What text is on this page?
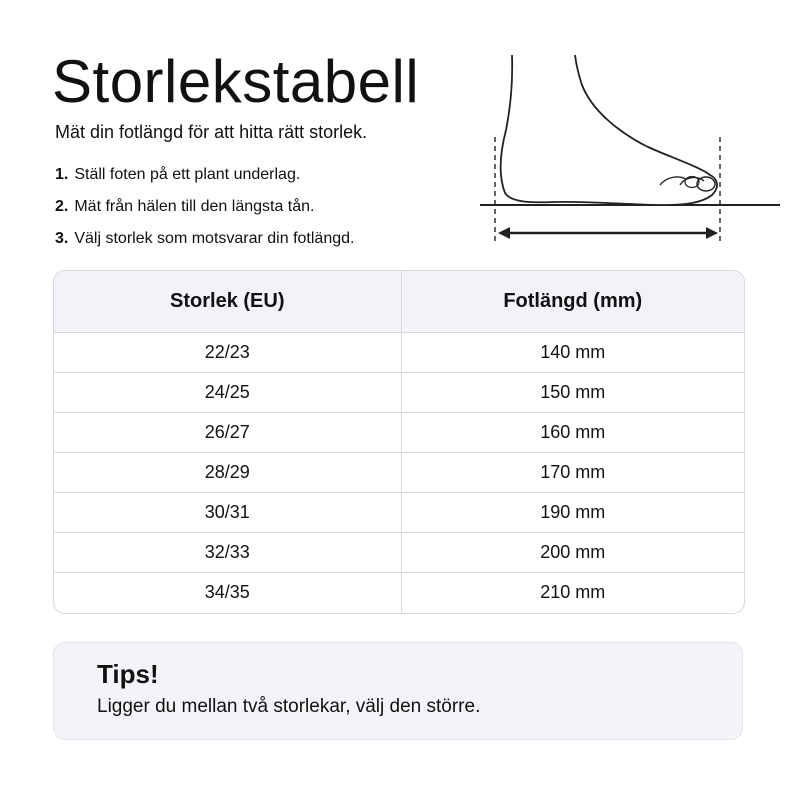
Storlekstabell
Mät din fotlängd för att hitta rätt storlek.
1. Ställ foten på ett plant underlag.
2. Mät från hälen till den längsta tån.
3. Välj storlek som motsvarar din fotlängd.
Storlek (EU)	Fotlängd (mm)
22/23	140 mm
24/25	150 mm
26/27	160 mm
28/29	170 mm
30/31	190 mm
32/33	200 mm
34/35	210 mm
Tips!
Ligger du mellan två storlekar, välj den större.
